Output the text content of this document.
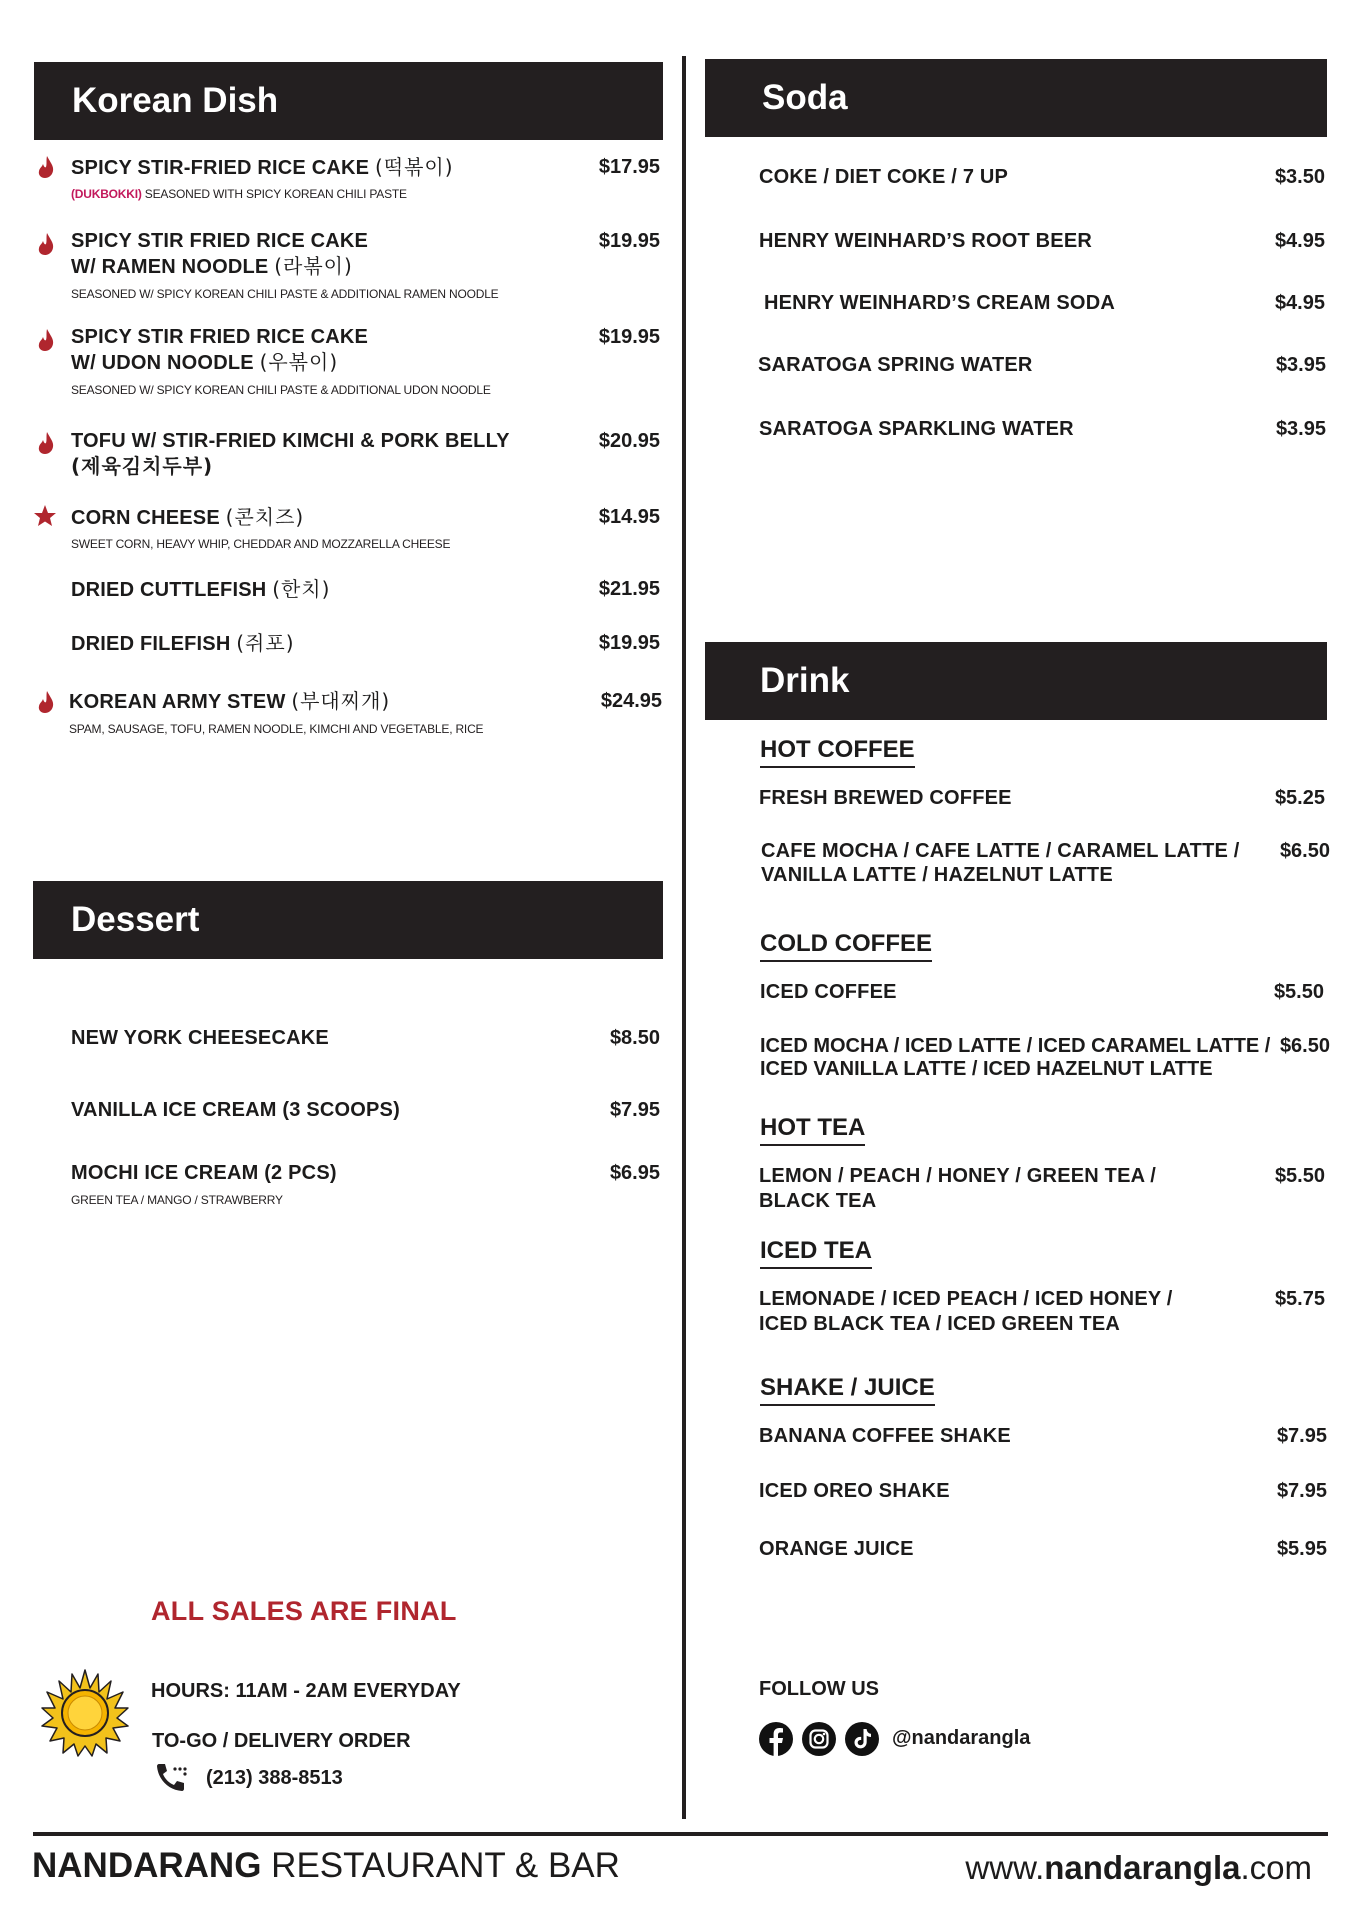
Korean Dish
SPICY STIR-FRIED RICE CAKE (떡볶이)	$17.95
(DUKBOKKI) SEASONED WITH SPICY KOREAN CHILI PASTE
SPICY STIR FRIED RICE CAKE
W/ RAMEN NOODLE (라볶이)
$19.95
SEASONED W/ SPICY KOREAN CHILI PASTE & ADDITIONAL RAMEN NOODLE
SPICY STIR FRIED RICE CAKE
W/ UDON NOODLE (우볶이)
$19.95
SEASONED W/ SPICY KOREAN CHILI PASTE & ADDITIONAL UDON NOODLE
TOFU W/ STIR-FRIED KIMCHI & PORK BELLY
(제육김치두부)
$20.95
CORN CHEESE (콘치즈)	$14.95
SWEET CORN, HEAVY WHIP, CHEDDAR AND MOZZARELLA CHEESE
DRIED CUTTLEFISH (한치)	$21.95
DRIED FILEFISH (쥐포)	$19.95
KOREAN ARMY STEW (부대찌개)	$24.95
SPAM, SAUSAGE, TOFU, RAMEN NOODLE, KIMCHI AND VEGETABLE, RICE
Dessert
NEW YORK CHEESECAKE	$8.50
VANILLA ICE CREAM (3 SCOOPS)	$7.95
MOCHI ICE CREAM (2 PCS)	$6.95
GREEN TEA / MANGO / STRAWBERRY
ALL SALES ARE FINAL
HOURS: 11AM - 2AM EVERYDAY
TO-GO / DELIVERY ORDER
(213) 388-8513
Soda
COKE / DIET COKE / 7 UP	$3.50
HENRY WEINHARD’S ROOT BEER	$4.95
HENRY WEINHARD’S CREAM SODA	$4.95
SARATOGA SPRING WATER	$3.95
SARATOGA SPARKLING WATER	$3.95
Drink
HOT COFFEE
FRESH BREWED COFFEE	$5.25
CAFE MOCHA / CAFE LATTE / CARAMEL LATTE /
VANILLA LATTE / HAZELNUT LATTE
$6.50
COLD COFFEE
ICED COFFEE	$5.50
ICED MOCHA / ICED LATTE / ICED CARAMEL LATTE /
ICED VANILLA LATTE / ICED HAZELNUT LATTE
$6.50
HOT TEA
LEMON / PEACH / HONEY / GREEN TEA /
BLACK TEA
$5.50
ICED TEA
LEMONADE / ICED PEACH / ICED HONEY /
ICED BLACK TEA / ICED GREEN TEA
$5.75
SHAKE / JUICE
BANANA COFFEE SHAKE	$7.95
ICED OREO SHAKE	$7.95
ORANGE JUICE	$5.95
FOLLOW US
@nandarangla
NANDARANG RESTAURANT & BAR	www.nandarangla.com
